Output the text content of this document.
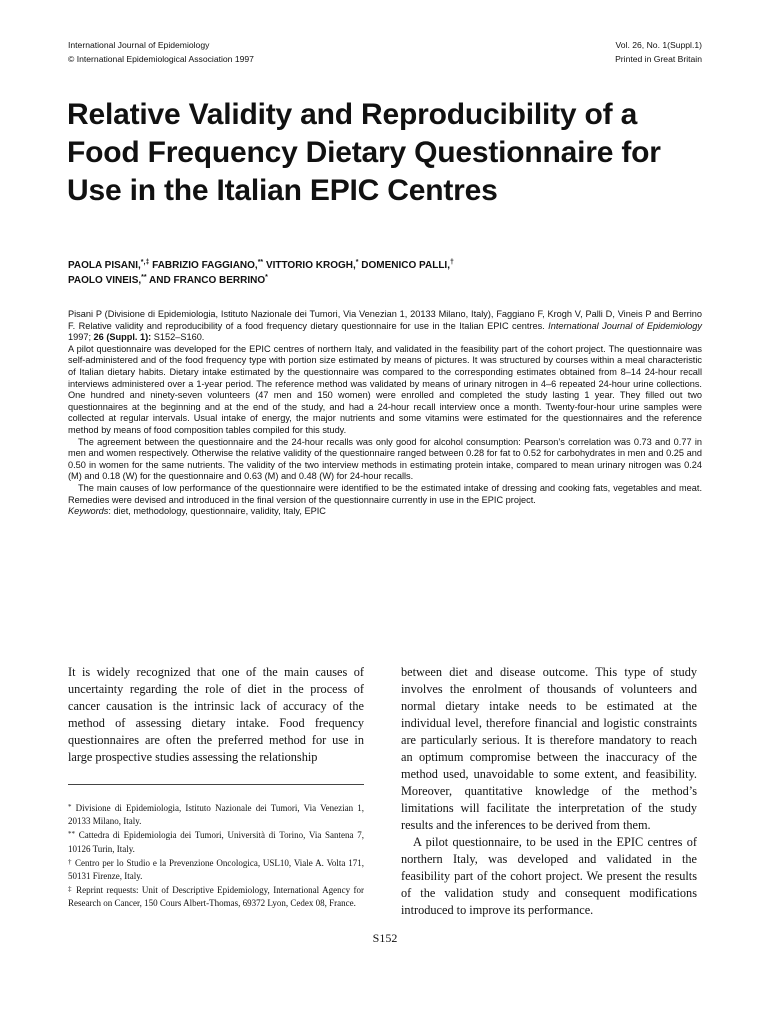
International Journal of Epidemiology
© International Epidemiological Association 1997
Vol. 26, No. 1(Suppl.1)
Printed in Great Britain
Relative Validity and Reproducibility of a Food Frequency Dietary Questionnaire for Use in the Italian EPIC Centres
PAOLA PISANI,*,‡ FABRIZIO FAGGIANO,** VITTORIO KROGH,* DOMENICO PALLI,†
PAOLO VINEIS,** AND FRANCO BERRINO*

Pisani P (Divisione di Epidemiologia, Istituto Nazionale dei Tumori, Via Venezian 1, 20133 Milano, Italy), Faggiano F, Krogh V, Palli D, Vineis P and Berrino F. Relative validity and reproducibility of a food frequency dietary questionnaire for use in the Italian EPIC centres. International Journal of Epidemiology 1997; 26 (Suppl. 1): S152–S160.

A pilot questionnaire was developed for the EPIC centres of northern Italy, and validated in the feasibility part of the cohort project. The questionnaire was self-administered and of the food frequency type with portion size estimated by means of pictures. It was structured by courses within a meal characteristic of Italian dietary habits. Dietary intake estimated by the questionnaire was compared to the corresponding estimates obtained from 8–14 24-hour recall interviews administered over a 1-year period. The reference method was validated by means of urinary nitrogen in 4–6 repeated 24-hour urine collections. One hundred and ninety-seven volunteers (47 men and 150 women) were enrolled and completed the study lasting 1 year. They filled out two questionnaires at the beginning and at the end of the study, and had a 24-hour recall interview once a month. Twenty-four-hour urine samples were collected at regular intervals. Usual intake of energy, the major nutrients and some vitamins were estimated for the questionnaires and the reference method by means of food composition tables compiled for this study.

The agreement between the questionnaire and the 24-hour recalls was only good for alcohol consumption: Pearson’s correlation was 0.73 and 0.77 in men and women respectively. Otherwise the relative validity of the questionnaire ranged between 0.28 for fat to 0.52 for carbohydrates in men and 0.25 and 0.50 in women for the same nutrients. The validity of the two interview methods in estimating protein intake, compared to mean urinary nitrogen was 0.24 (M) and 0.18 (W) for the questionnaire and 0.63 (M) and 0.48 (W) for 24-hour recalls.

The main causes of low performance of the questionnaire were identified to be the estimated intake of dressing and cooking fats, vegetables and meat. Remedies were devised and introduced in the final version of the questionnaire currently in use in the EPIC project.

Keywords: diet, methodology, questionnaire, validity, Italy, EPIC

It is widely recognized that one of the main causes of uncertainty regarding the role of diet in the process of cancer causation is the intrinsic lack of accuracy of the method of assessing dietary intake. Food frequency questionnaires are often the preferred method for use in large prospective studies assessing the relationship

* Divisione di Epidemiologia, Istituto Nazionale dei Tumori, Via Venezian 1, 20133 Milano, Italy.

** Cattedra di Epidemiologia dei Tumori, Università di Torino, Via Santena 7, 10126 Turin, Italy.

† Centro per lo Studio e la Prevenzione Oncologica, USL10, Viale A. Volta 171, 50131 Firenze, Italy.

‡ Reprint requests: Unit of Descriptive Epidemiology, International Agency for Research on Cancer, 150 Cours Albert-Thomas, 69372 Lyon, Cedex 08, France.

between diet and disease outcome. This type of study involves the enrolment of thousands of volunteers and normal dietary intake needs to be estimated at the individual level, therefore financial and logistic constraints are particularly serious. It is therefore mandatory to reach an optimum compromise between the inaccuracy of the method used, unavoidable to some extent, and feasibility. Moreover, quantitative knowledge of the method’s limitations will facilitate the interpretation of the study results and the inferences to be derived from them.

A pilot questionnaire, to be used in the EPIC centres of northern Italy, was developed and validated in the feasibility part of the cohort project. We present the results of the validation study and consequent modifications introduced to improve its performance.

S152
